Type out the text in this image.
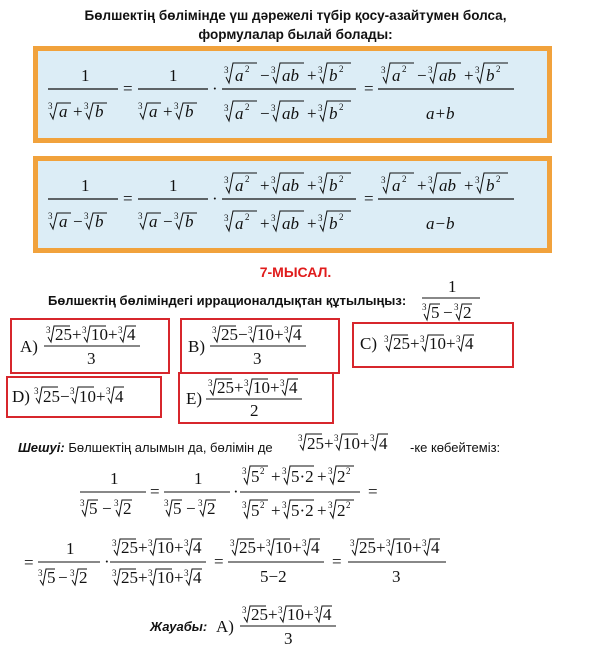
Бөлшектің бөліміндe үш дәрежелі түбір қосу-азайтумен болса,
формулалар былай болады:
1
3 a + 3 b
=
1
3 a + 3 b
·
3 a 2 − 3 ab + 3 b 2
3 a 2 − 3 ab + 3 b 2
=
3 a 2 − 3 ab + 3 b 2
a+b
1
3 a − 3 b
=
1
3 a − 3 b
·
3 a 2 + 3 ab + 3 b 2
3 a 2 + 3 ab + 3 b 2
=
3 a 2 + 3 ab + 3 b 2
a−b
7-МЫСАЛ.
Бөлшектің бөліміндегі иррационалдықтан құтылыңыз:
1
3 5 − 3 2
A)
3 25 + 3 10 + 3 4
3
B)
3 25 − 3 10 + 3 4
3
C) 3 25 + 3 10 + 3 4
D) 3 25 − 3 10 + 3 4	E)
3 25 + 3 10 + 3 4
2
Шешуі: Бөлшектің алымын да, бөлімін де
3 25 + 3 10 + 3 4 -ке көбейтеміз:
1
3 5 − 3 2
=
1
3 5 − 3 2
·
3 5 2 + 3 5·2 + 3 2 2
3 5 2 + 3 5·2 + 3 2 2
=
=
1
3 5 − 3 2
·
3 25 + 3 10 + 3 4
3 25 + 3 10 + 3 4
=
3 25 + 3 10 + 3 4
5−2
=
3 25 + 3 10 + 3 4
3
Жауабы: A)
3 25 + 3 10 + 3 4
3
